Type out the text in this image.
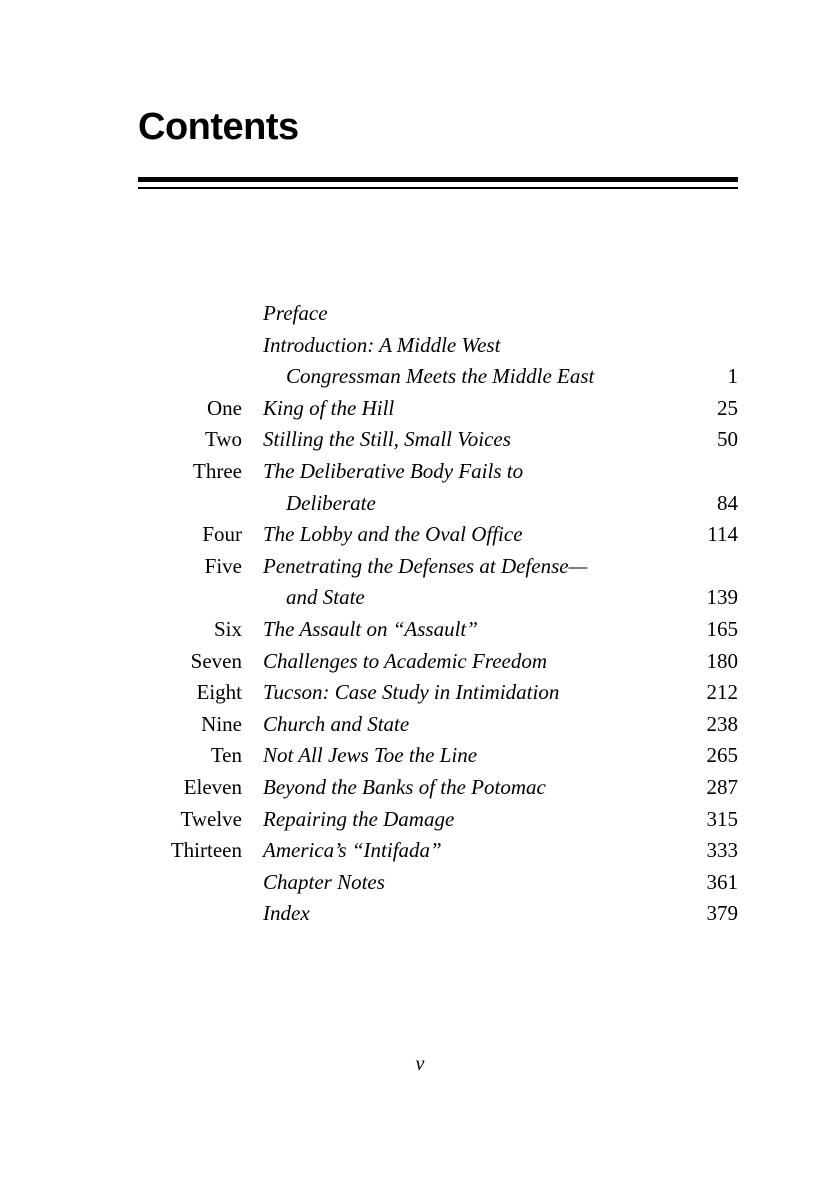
Contents
Preface
Introduction: A Middle West
Congressman Meets the Middle East	1
One King of the Hill	25
Two Stilling the Still, Small Voices	50
Three The Deliberative Body Fails to
Deliberate	84
Four The Lobby and the Oval Office	114
Five Penetrating the Defenses at Defense—
and State	139
Six The Assault on “Assault”	165
Seven Challenges to Academic Freedom	180
Eight Tucson: Case Study in Intimidation	212
Nine Church and State	238
Ten Not All Jews Toe the Line	265
Eleven Beyond the Banks of the Potomac	287
Twelve Repairing the Damage	315
Thirteen America’s “Intifada”	333
Chapter Notes	361
Index	379
v
